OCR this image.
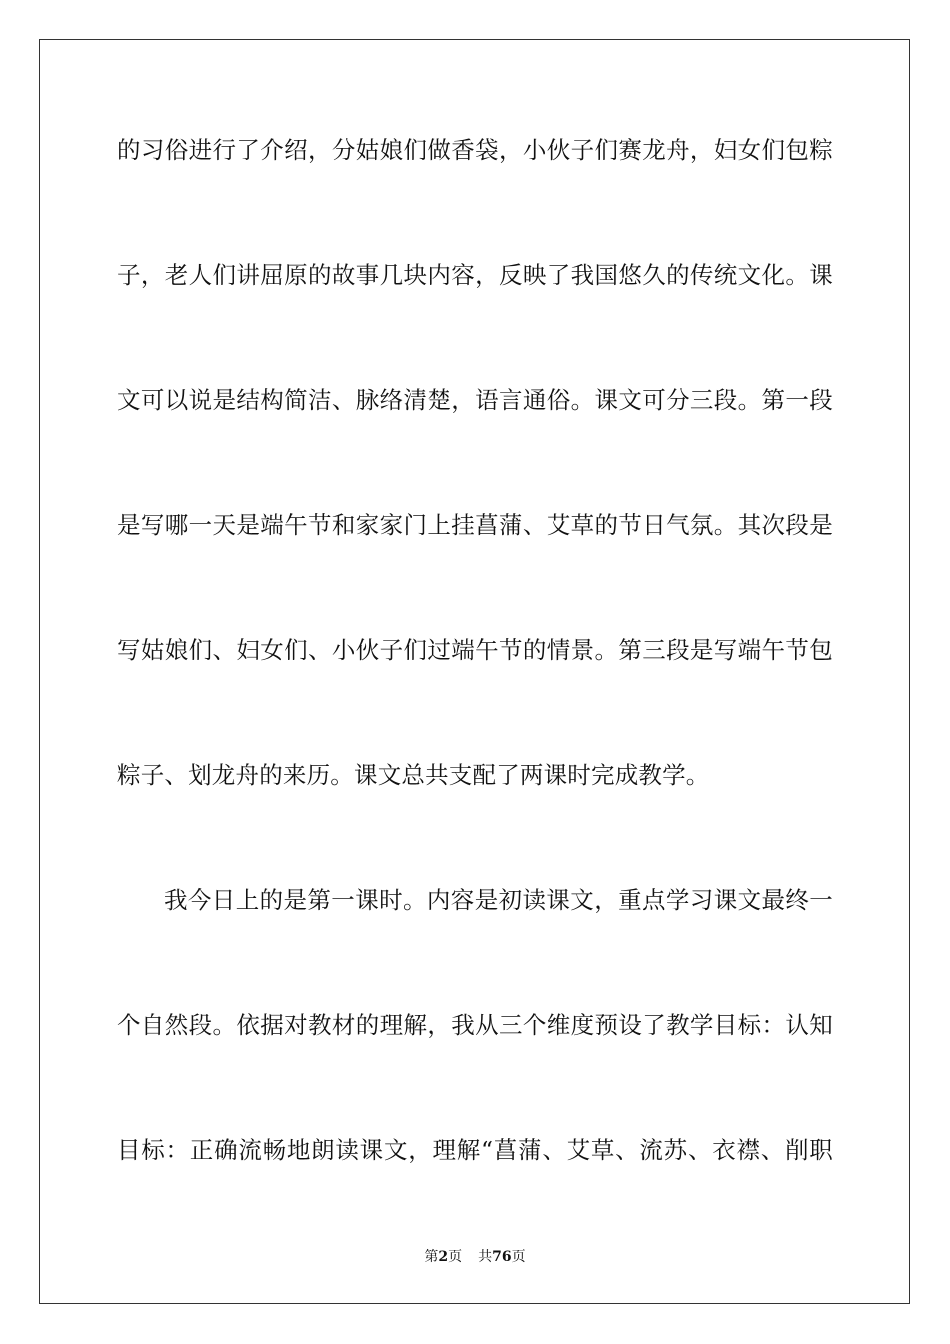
的习俗进行了介绍，分姑娘们做香袋，小伙子们赛龙舟，妇女们包粽
子，老人们讲屈原的故事几块内容，反映了我国悠久的传统文化。课
文可以说是结构简洁、脉络清楚，语言通俗。课文可分三段。第一段
是写哪一天是端午节和家家门上挂菖蒲、艾草的节日气氛。其次段是
写姑娘们、妇女们、小伙子们过端午节的情景。第三段是写端午节包
粽子、划龙舟的来历。课文总共支配了两课时完成教学。
我今日上的是第一课时。内容是初读课文，重点学习课文最终一
个自然段。依据对教材的理解，我从三个维度预设了教学目标：认知
目标：正确流畅地朗读课文，理解“菖蒲、艾草、流苏、衣襟、削职
第2页 共76页
